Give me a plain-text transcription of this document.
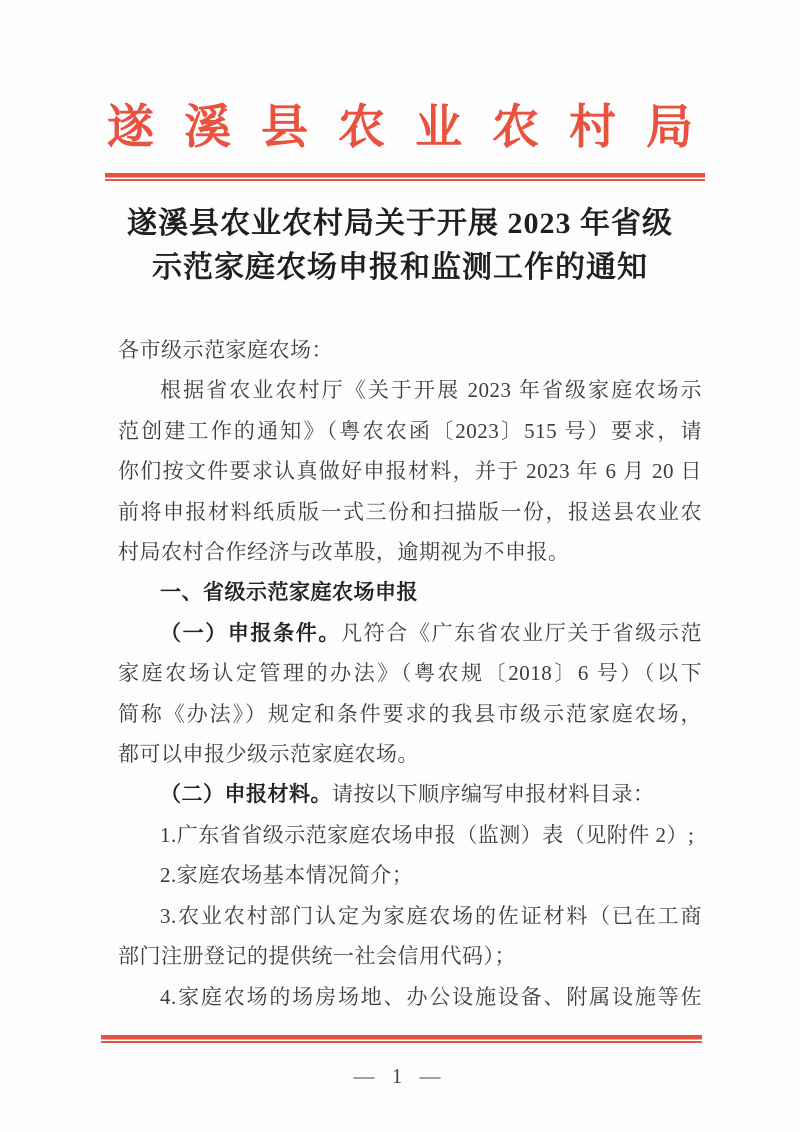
遂溪县农业农村局
遂溪县农业农村局关于开展 2023 年省级
示范家庭农场申报和监测工作的通知

各市级示范家庭农场：

根据省农业农村厅《关于开展 2023 年省级家庭农场示

范创建工作的通知》（粤农农函〔2023〕515 号）要求，请

你们按文件要求认真做好申报材料，并于 2023 年 6 月 20 日

前将申报材料纸质版一式三份和扫描版一份，报送县农业农

村局农村合作经济与改革股，逾期视为不申报。

一、省级示范家庭农场申报

（一）申报条件。凡符合《广东省农业厅关于省级示范

家庭农场认定管理的办法》（粤农规〔2018〕6 号）（以下

简称《办法》）规定和条件要求的我县市级示范家庭农场，

都可以申报少级示范家庭农场。

（二）申报材料。请按以下顺序编写申报材料目录：

1.广东省省级示范家庭农场申报（监测）表（见附件 2）;

2.家庭农场基本情况简介；

3.农业农村部门认定为家庭农场的佐证材料（已在工商

部门注册登记的提供统一社会信用代码）；

4.家庭农场的场房场地、办公设施设备、附属设施等佐

— 1 —
